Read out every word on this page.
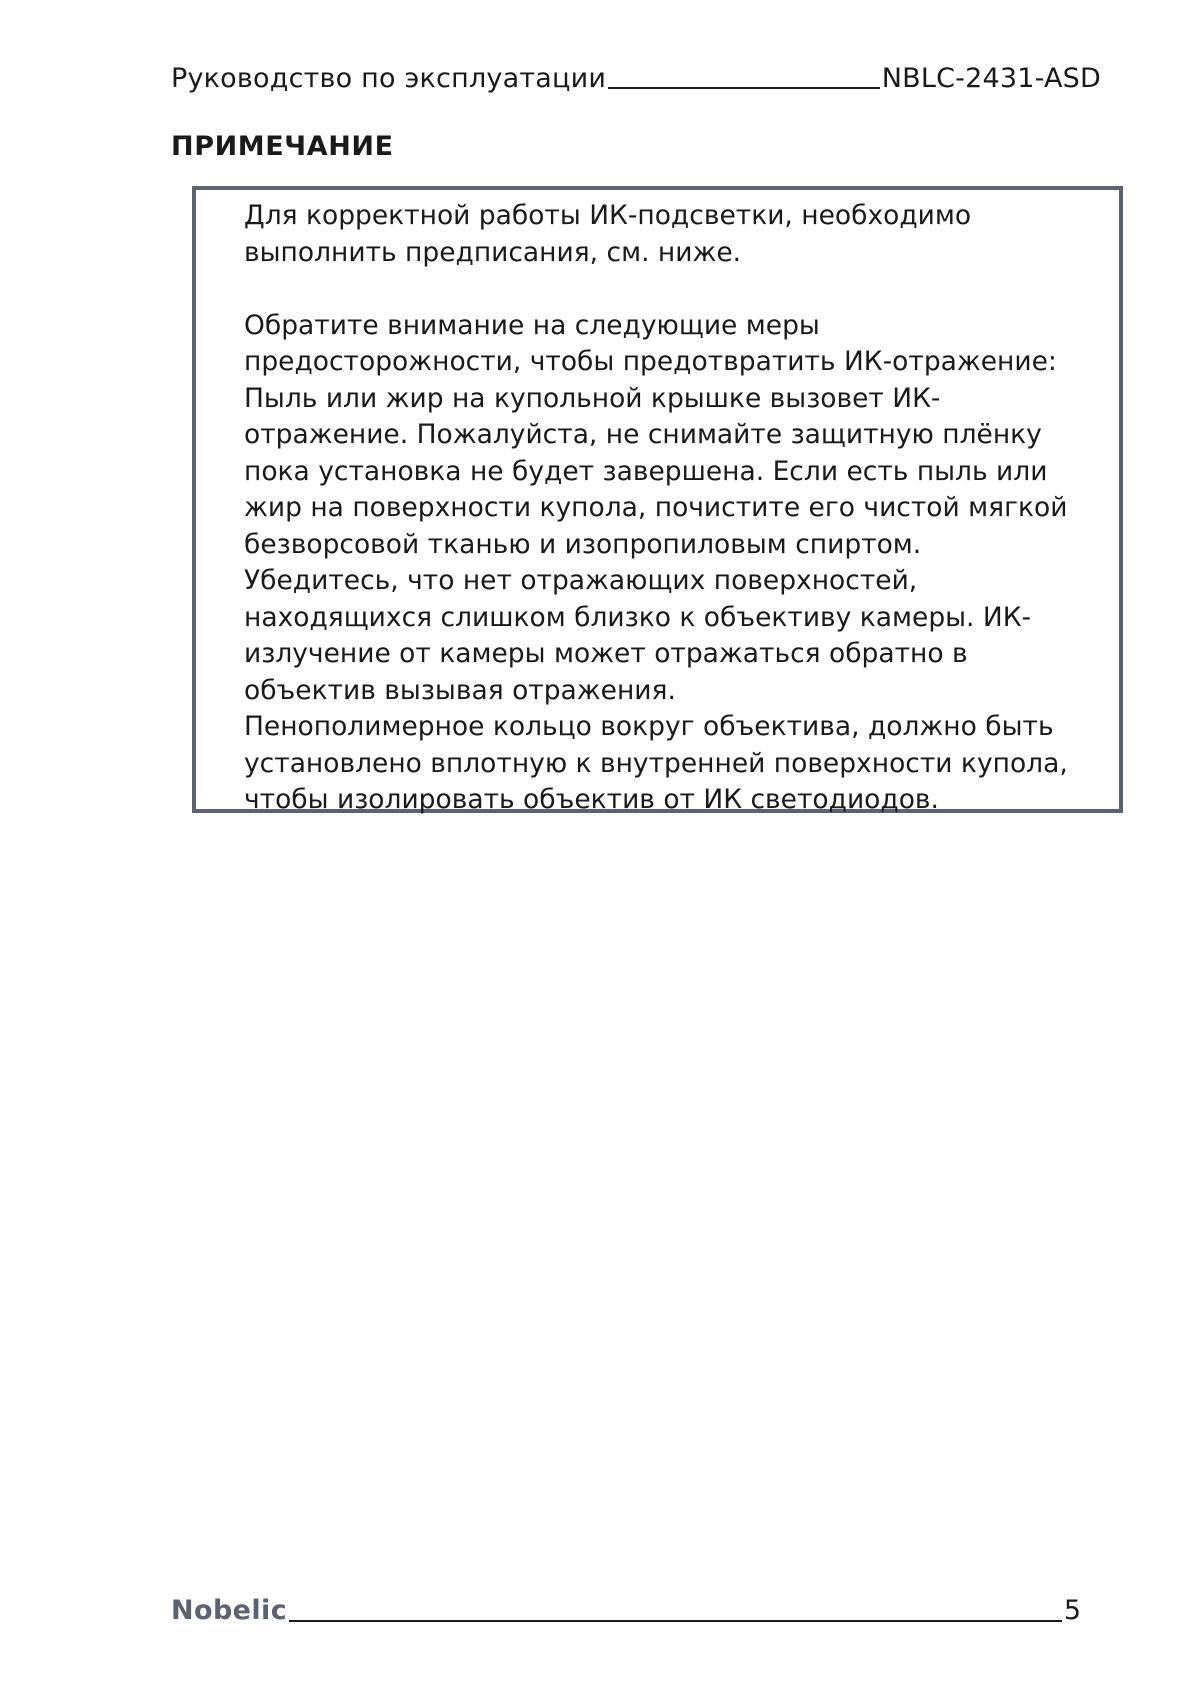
Руководство по эксплуатации	NBLC-2431-ASD
ПРИМЕЧАНИЕ

Для корректной работы ИК-подсветки, необходимо выполнить предписания, см. ниже.

Обратите внимание на следующие меры

предосторожности, чтобы предотвратить ИК-отражение:

Пыль или жир на купольной крышке вызовет ИК-

отражение. Пожалуйста, не снимайте защитную плёнку

пока установка не будет завершена. Если есть пыль или

жир на поверхности купола, почистите его чистой мягкой

безворсовой тканью и изопропиловым спиртом.

Убедитесь, что нет отражающих поверхностей,

находящихся слишком близко к объективу камеры. ИК-

излучение от камеры может отражаться обратно в

объектив вызывая отражения.

Пенополимерное кольцо вокруг объектива, должно быть

установлено вплотную к внутренней поверхности купола,

чтобы изолировать объектив от ИК светодиодов.

Nobelic	5
